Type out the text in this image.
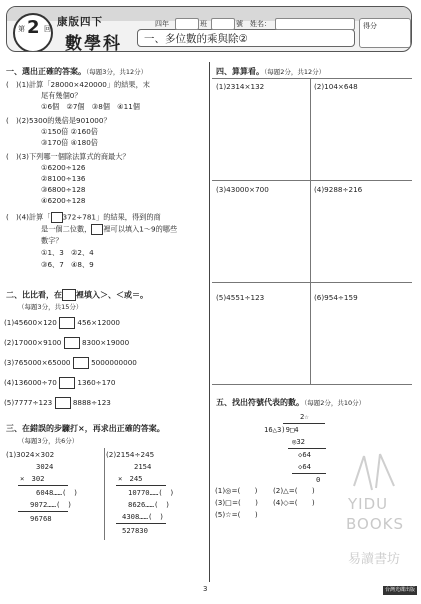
第 2 回
康版四下
數學科	一、多位數的乘與除②
四年	班	號 姓名：	得分
一、選出正確的答案。（每題3分，共12分）
(　)(1)計算「28000×420000」的結果，末
尾有幾個0？
①6個　②7個　③8個　④11個
(　)(2)5300的幾倍是901000？
①150倍 ②160倍
③170倍 ④180倍
(　)(3)下列哪一個除法算式的商最大？
①6200÷126
②8100÷136
③6800÷128
④6200÷128
(　)(4)計算「 372÷781」的結果，得到的商
是一個二位數， 裡可以填入1～9的哪些
數字？
①1、3　②2、4
③6、7　④8、9
二、比比看，在 裡填入＞、＜或＝。
（每題3分，共15分）
(1)45600×120	456×12000
(2)17000×9100	8300×19000
(3)765000×65000	5000000000
(4)136000÷70	1360÷170
(5)7777÷123	8888÷123
三、在錯誤的步驟打×，再求出正確的答案。
（每題3分，共6分）
(1)3024×302	(2)2154÷245
3024
×　302
6048……(　)
9072……(　)
96768
2154
×　245
10770……(　)
8626……(　)
4308……(　)
527830
四、算算看。（每題2分，共12分）
(1)2314×132	(2)104×648
(3)43000×700	(4)9288÷216
(5)4551÷123	(6)954÷159
五、找出符號代表的數。（每題2分，共10分）
2☆
16△3)9□4
◎32
◇64
◇64
0
(1)◎=(　　) (2)△=(　　)
(3)□=(　　) (4)◇=(　　)
(5)☆=(　　)
YIDU
BOOKS
易讀書坊
3	台灣光碟出版社
